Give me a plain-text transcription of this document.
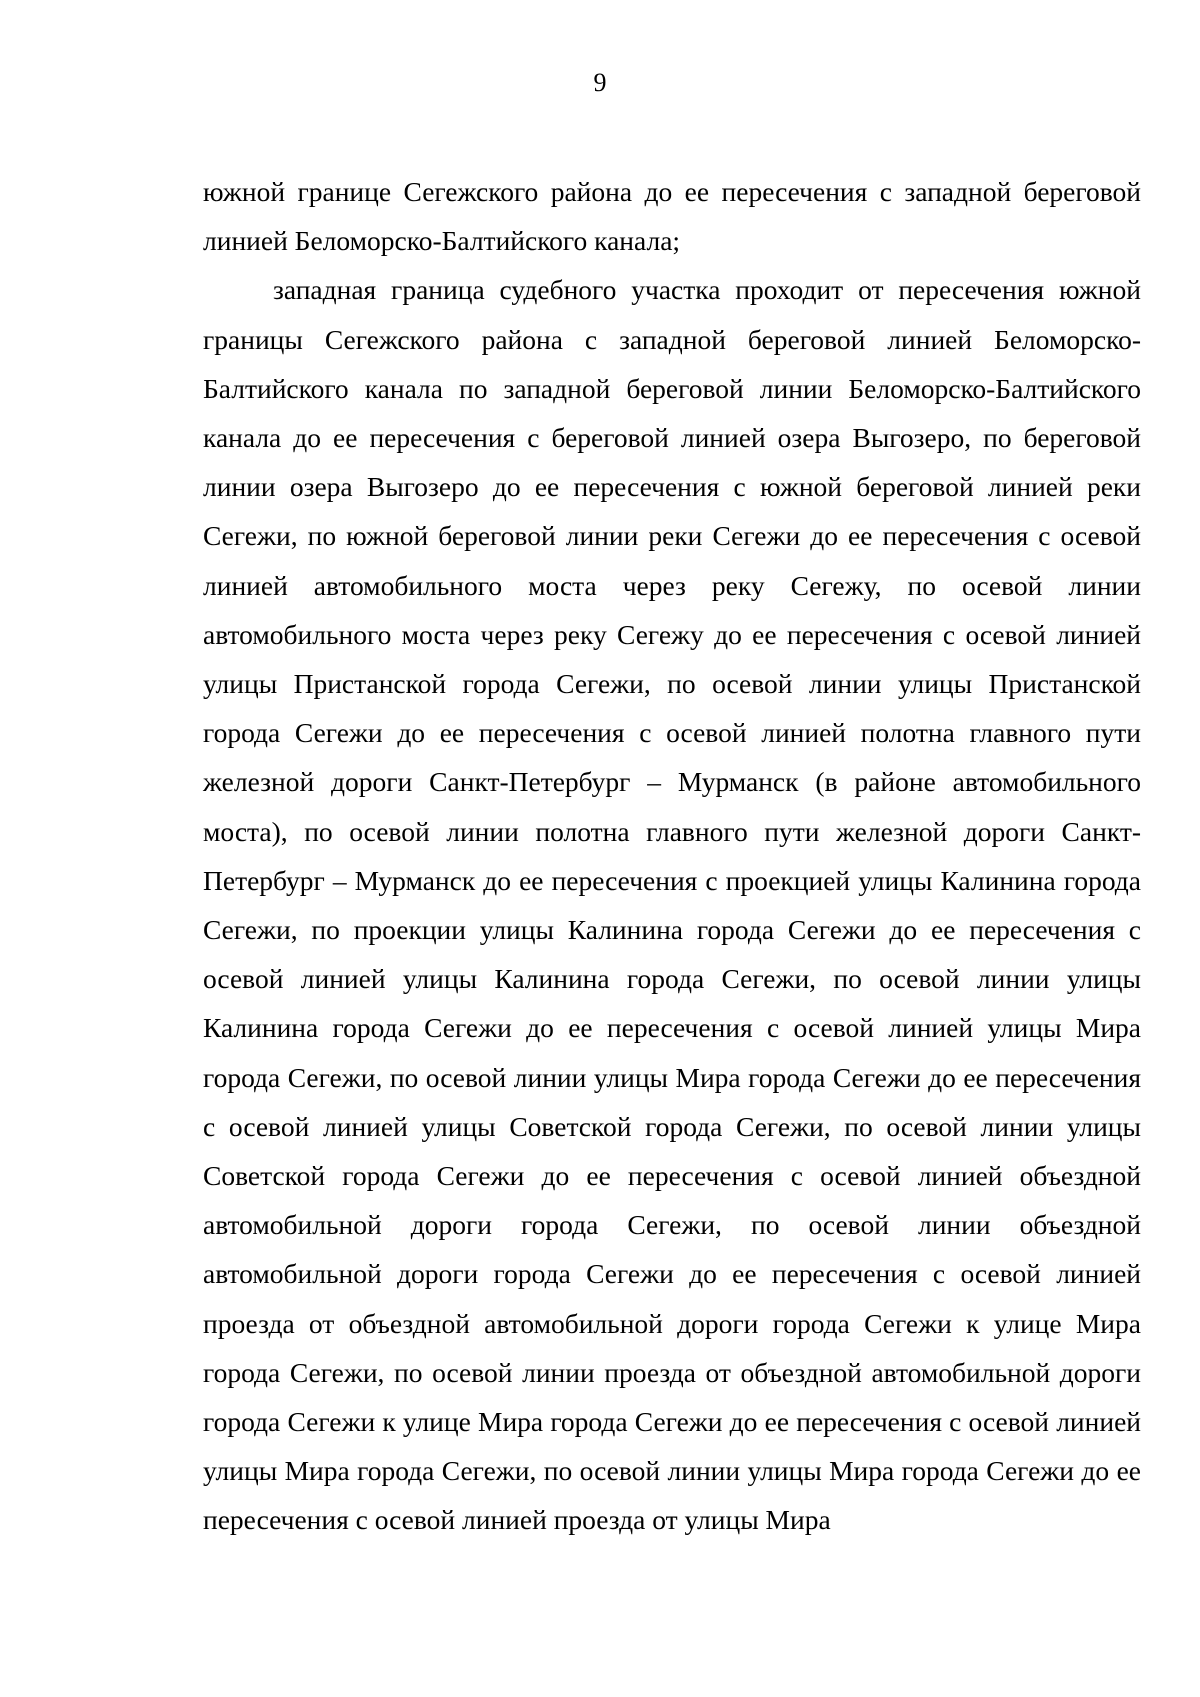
9

южной границе Сегежского района до ее пересечения с западной береговой линией Беломорско-Балтийского канала;

западная граница судебного участка проходит от пересечения южной границы Сегежского района с западной береговой линией Беломорско-Балтийского канала по западной береговой линии Беломорско-Балтийского канала до ее пересечения с береговой линией озера Выгозеро, по береговой линии озера Выгозеро до ее пересечения с южной береговой линией реки Сегежи, по южной береговой линии реки Сегежи до ее пересечения с осевой линией автомобильного моста через реку Сегежу, по осевой линии автомобильного моста через реку Сегежу до ее пересечения с осевой линией улицы Пристанской города Сегежи, по осевой линии улицы Пристанской города Сегежи до ее пересечения с осевой линией полотна главного пути железной дороги Санкт-Петербург – Мурманск (в районе автомобильного моста), по осевой линии полотна главного пути железной дороги Санкт-Петербург – Мурманск до ее пересечения с проекцией улицы Калинина города Сегежи, по проекции улицы Калинина города Сегежи до ее пересечения с осевой линией улицы Калинина города Сегежи, по осевой линии улицы Калинина города Сегежи до ее пересечения с осевой линией улицы Мира города Сегежи, по осевой линии улицы Мира города Сегежи до ее пересечения с осевой линией улицы Советской города Сегежи, по осевой линии улицы Советской города Сегежи до ее пересечения с осевой линией объездной автомобильной дороги города Сегежи, по осевой линии объездной автомобильной дороги города Сегежи до ее пересечения с осевой линией проезда от объездной автомобильной дороги города Сегежи к улице Мира города Сегежи, по осевой линии проезда от объездной автомобильной дороги города Сегежи к улице Мира города Сегежи до ее пересечения с осевой линией улицы Мира города Сегежи, по осевой линии улицы Мира города Сегежи до ее пересечения с осевой линией проезда от улицы Мира
